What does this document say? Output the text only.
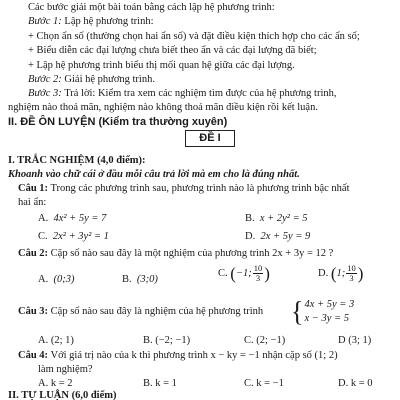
Các bước giải một bài toán bằng cách lập hệ phương trình:
Bước 1: Lập hệ phương trình:
+ Chọn ẩn số (thường chọn hai ẩn số) và đặt điều kiện thích hợp cho các ẩn số;
+ Biểu diễn các đại lượng chưa biết theo ẩn và các đại lượng đã biết;
+ Lập hệ phương trình biểu thị mối quan hệ giữa các đại lượng.
Bước 2: Giải hệ phương trình.
Bước 3: Trả lời: Kiểm tra xem các nghiệm tìm được của hệ phương trình,
nghiệm nào thoả mãn, nghiệm nào không thoả mãn điều kiện rồi kết luận.
II. ĐỀ ÔN LUYỆN (Kiểm tra thường xuyên)
ĐỀ I
I. TRẮC NGHIỆM (4,0 điểm):
Khoanh vào chữ cái ở đầu mỗi câu trả lời mà em cho là đúng nhất.
Câu 1: Trong các phương trình sau, phương trình nào là phương trình bậc nhất
hai ẩn:
A. 4x² + 5y = 7	B. x + 2y² = 5
C. 2x² + 3y² = 1	D. 2x + 5y = 9
Câu 2: Cặp số nào sau đây là một nghiệm của phương trình 2x + 3y = 12 ?
A. (0;3)	B. (3;0)
C. (−1; $\frac{10}{3}$ )	D. (1; $\frac{10}{3}$ )
Câu 3: Cặp số nào sau đây là nghiệm của hệ phương trình { 4x + 5y = 3
x − 3y = 5
A. (2; 1)	B. (−2; −1)	C. (2; −1)	D (3; 1)
Câu 4: Với giá trị nào của k thì phương trình x − ky = −1 nhận cặp số (1; 2)
làm nghiệm?
A. k = 2	B. k = 1	C. k = −1	D. k = 0
II. TỰ LUẬN (6,0 điểm)
